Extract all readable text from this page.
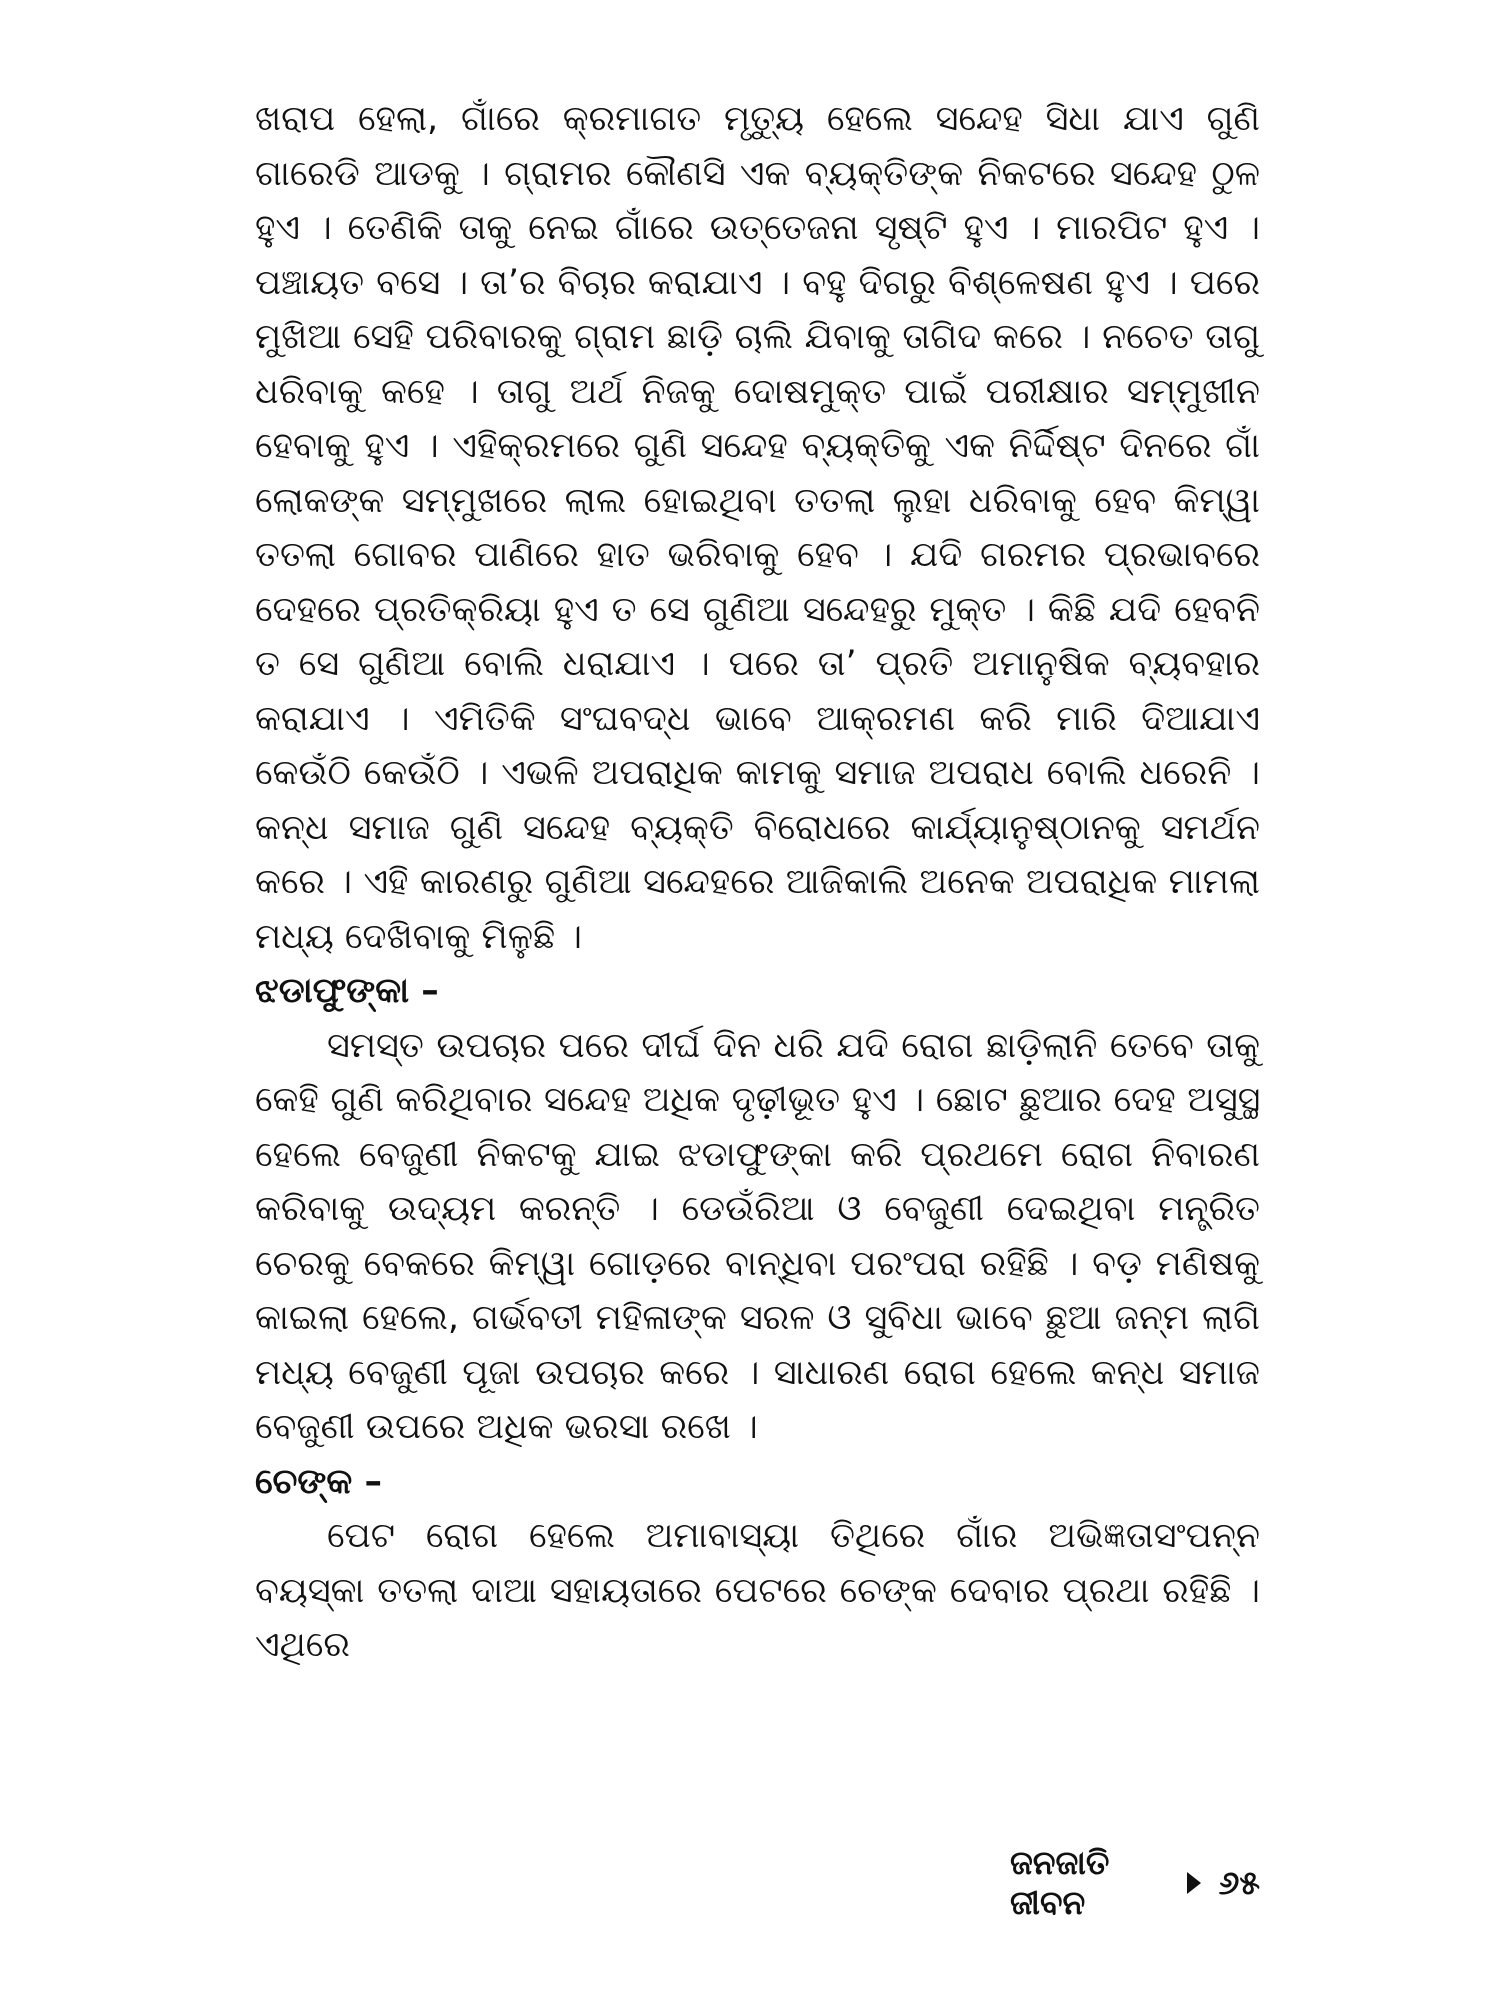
ଖରାପ ହେଲା, ଗାଁରେ କ୍ରମାଗତ ମୃତ୍ୟୁ ହେଲେ ସନ୍ଦେହ ସିଧା ଯାଏ ଗୁଣି ଗାରେଡି ଆଡକୁ । ଗ୍ରାମର କୌଣସି ଏକ ବ୍ୟକ୍ତିଙ୍କ ନିକଟରେ ସନ୍ଦେହ ଠୁଳ ହୁଏ । ତେଣିକି ତାକୁ ନେଇ ଗାଁରେ ଉତ୍ତେଜନା ସୃଷ୍ଟି ହୁଏ । ମାରପିଟ ହୁଏ । ପଞ୍ଚାୟତ ବସେ । ତା’ର ବିଚାର କରାଯାଏ । ବହୁ ଦିଗରୁ ବିଶ୍ଳେଷଣ ହୁଏ । ପରେ ମୁଖିଆ ସେହି ପରିବାରକୁ ଗ୍ରାମ ଛାଡ଼ି ଚାଲି ଯିବାକୁ ତାଗିଦ କରେ । ନଚେତ ତାଗୁ ଧରିବାକୁ କହେ । ତାଗୁ ଅର୍ଥ ନିଜକୁ ଦୋଷମୁକ୍ତ ପାଇଁ ପରୀକ୍ଷାର ସମ୍ମୁଖୀନ ହେବାକୁ ହୁଏ । ଏହିକ୍ରମରେ ଗୁଣି ସନ୍ଦେହ ବ୍ୟକ୍ତିକୁ ଏକ ନିର୍ଦ୍ଦିଷ୍ଟ ଦିନରେ ଗାଁ ଲୋକଙ୍କ ସମ୍ମୁଖରେ ଲାଲ ହୋଇଥିବା ତତଲା ଲୁହା ଧରିବାକୁ ହେବ କିମ୍ୱା ତତଲା ଗୋବର ପାଣିରେ ହାତ ଭରିବାକୁ ହେବ । ଯଦି ଗରମର ପ୍ରଭାବରେ ଦେହରେ ପ୍ରତିକ୍ରିୟା ହୁଏ ତ ସେ ଗୁଣିଆ ସନ୍ଦେହରୁ ମୁକ୍ତ । କିଛି ଯଦି ହେବନି ତ ସେ ଗୁଣିଆ ବୋଲି ଧରାଯାଏ । ପରେ ତା’ ପ୍ରତି ଅମାନୁଷିକ ବ୍ୟବହାର କରାଯାଏ । ଏମିତିକି ସଂଘବଦ୍ଧ ଭାବେ ଆକ୍ରମଣ କରି ମାରି ଦିଆଯାଏ କେଉଁଠି କେଉଁଠି । ଏଭଳି ଅପରାଧିକ କାମକୁ ସମାଜ ଅପରାଧ ବୋଲି ଧରେନି । କନ୍ଧ ସମାଜ ଗୁଣି ସନ୍ଦେହ ବ୍ୟକ୍ତି ବିରୋଧରେ କାର୍ଯ୍ୟାନୁଷ୍ଠାନକୁ ସମର୍ଥନ କରେ । ଏହି କାରଣରୁ ଗୁଣିଆ ସନ୍ଦେହରେ ଆଜିକାଲି ଅନେକ ଅପରାଧିକ ମାମଲା ମଧ୍ୟ ଦେଖିବାକୁ ମିଳୁଛି ।

ଝଡାଫୁଙ୍କା –

ସମସ୍ତ ଉପଚାର ପରେ ଦୀର୍ଘ ଦିନ ଧରି ଯଦି ରୋଗ ଛାଡ଼ିଲାନି ତେବେ ତାକୁ କେହି ଗୁଣି କରିଥିବାର ସନ୍ଦେହ ଅଧିକ ଦୃଢ଼ୀଭୂତ ହୁଏ । ଛୋଟ ଛୁଆର ଦେହ ଅସୁସ୍ଥ ହେଲେ ବେଜୁଣୀ ନିକଟକୁ ଯାଇ ଝଡାଫୁଙ୍କା କରି ପ୍ରଥମେ ରୋଗ ନିବାରଣ କରିବାକୁ ଉଦ୍ୟମ କରନ୍ତି । ଡେଉଁରିଆ ଓ ବେଜୁଣୀ ଦେଇଥିବା ମନ୍ତ୍ରିତ ଚେରକୁ ବେକରେ କିମ୍ୱା ଗୋଡ଼ରେ ବାନ୍ଧିବା ପରଂପରା ରହିଛି । ବଡ଼ ମଣିଷକୁ କାଇଲା ହେଲେ, ଗର୍ଭବତୀ ମହିଳାଙ୍କ ସରଳ ଓ ସୁବିଧା ଭାବେ ଛୁଆ ଜନ୍ମ ଲାଗି ମଧ୍ୟ ବେଜୁଣୀ ପୂଜା ଉପଚାର କରେ । ସାଧାରଣ ରୋଗ ହେଲେ କନ୍ଧ ସମାଜ ବେଜୁଣୀ ଉପରେ ଅଧିକ ଭରସା ରଖେ ।

ଚେଙ୍କ –

ପେଟ ରୋଗ ହେଲେ ଅମାବାସ୍ୟା ତିଥିରେ ଗାଁର ଅଭିଜ୍ଞତାସଂପନ୍ନ ବୟସ୍କା ତତଲା ଦାଆ ସହାୟତାରେ ପେଟରେ ଚେଙ୍କ ଦେବାର ପ୍ରଥା ରହିଛି । ଏଥିରେ

ଜନଜାତି ଜୀବନ
୬୫
